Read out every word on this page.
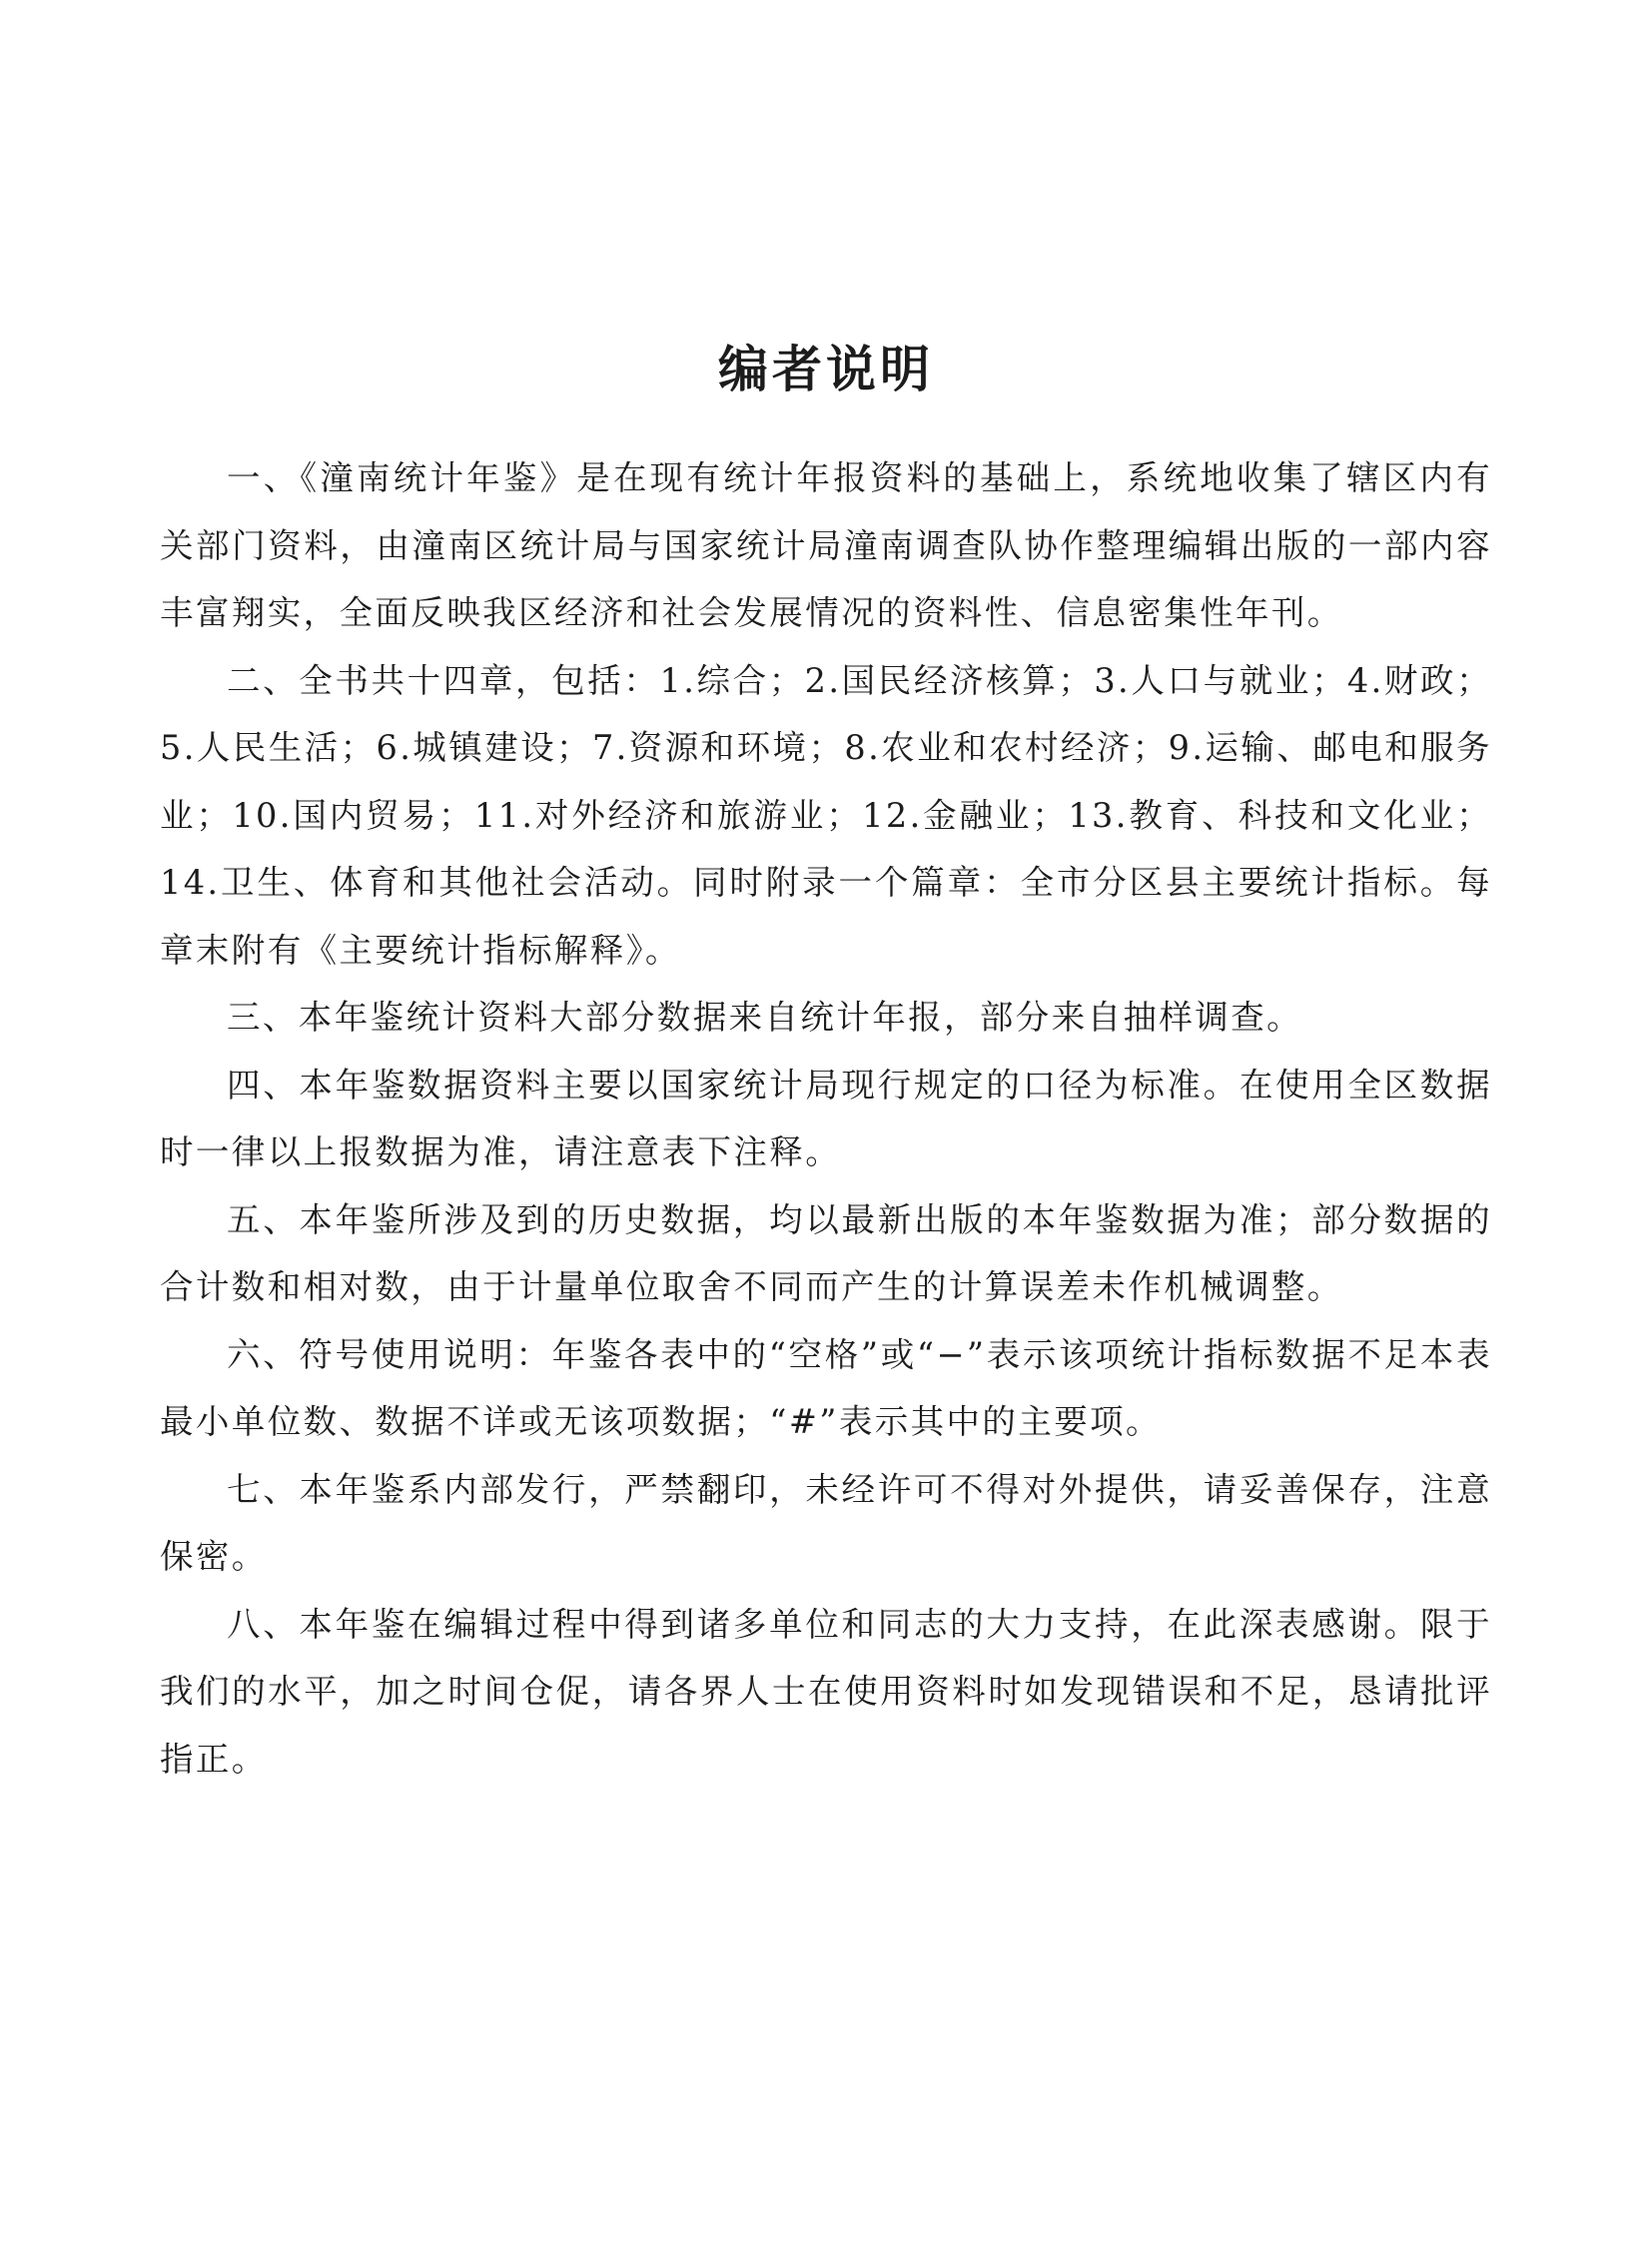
编者说明

一、《潼南统计年鉴》是在现有统计年报资料的基础上，系统地收集了辖区内有关部门资料，由潼南区统计局与国家统计局潼南调查队协作整理编辑出版的一部内容丰富翔实，全面反映我区经济和社会发展情况的资料性、信息密集性年刊。

二、全书共十四章，包括：1.综合；2.国民经济核算；3.人口与就业；4.财政；5.人民生活；6.城镇建设；7.资源和环境；8.农业和农村经济；9.运输、邮电和服务业；10.国内贸易；11.对外经济和旅游业；12.金融业；13.教育、科技和文化业；14.卫生、体育和其他社会活动。同时附录一个篇章：全市分区县主要统计指标。每章末附有《主要统计指标解释》。

三、本年鉴统计资料大部分数据来自统计年报，部分来自抽样调查。

四、本年鉴数据资料主要以国家统计局现行规定的口径为标准。在使用全区数据时一律以上报数据为准，请注意表下注释。

五、本年鉴所涉及到的历史数据，均以最新出版的本年鉴数据为准；部分数据的合计数和相对数，由于计量单位取舍不同而产生的计算误差未作机械调整。

六、符号使用说明：年鉴各表中的“空格”或“−”表示该项统计指标数据不足本表最小单位数、数据不详或无该项数据；“#”表示其中的主要项。

七、本年鉴系内部发行，严禁翻印，未经许可不得对外提供，请妥善保存，注意保密。

八、本年鉴在编辑过程中得到诸多单位和同志的大力支持，在此深表感谢。限于我们的水平，加之时间仓促，请各界人士在使用资料时如发现错误和不足，恳请批评指正。
